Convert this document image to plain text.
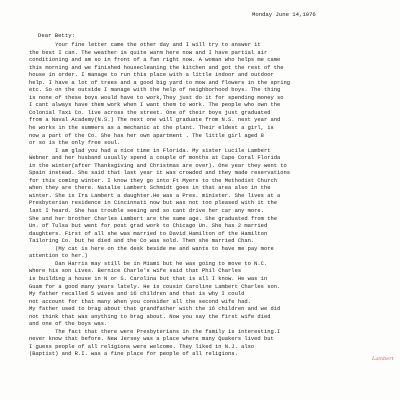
Monday June 14,1976
Dear Betty:
Your fine letter came the other day and I will try to answer it
the best I can. The weather is quite warm here now and I have partial air
conditioning and am so in front of a fan right now. A woman who helps me came
this morning and we finished housecleaning the kitchen and got the rest of the
house in order. I manage to run this place with a little indoor and outdoor
help. I have a lot of trees and a good big yard to mow and flowers in the spring
etc. So on the outside I manage with the help of neighborhood boys. The thing
is none of these boys would have to work,They just do it for spending money so
I cant always have them work when I want them to work. The people who own the
Colonial Taxi Co. live across the street. One of their boys just graduated
from a Naval Academy(N.S.) The next one will graduate from N.S. next year and
he works in the summers as a mechanic at the plant. Their eldest a girl, is
now a part of the Co. She has her own apartment . The little girl aged 8
or so is the only free soul.
I am glad you had a nice time in Florida. My sister Lucile Lambert
Webner and her husband usually spend a couple of months at Cape Coral Florida
in the winter(after Thanksgiving and Christmas are over). One year they went to
Spain instead. She said that last year it was crowded and they made reservations
for this coming winter. I know they go into Ft Myers to the Methodist Church
when they are there. Natalie Lambert Schmidt goes in that area also in the
winter. She is Ira Lambert a daughter.He was a Pres. minister. She lives at a
Presbyterian residence in Cincinnati now but was not too pleased with it the
last I heard. She has trouble seeing and so cant drive her car any more.
She and her brother Charles Lambert are the same age. She graduated from the
Un. of Tulsa but went for post grad work to Chicago Un. She has 2 married
daughters. First of all she was married to David Hamilton of the Hamilton
Tailoring Co. but he died and the Co was sold. Then she married Chan.
(My cat is here on the desk beside me and wants to have me pay more
attention to her.)
Dan Harris may still be in Miami but he was going to move to N.C.
where his son Lives. Bernice Charle's wife said that Phil Charles
is building a house in N or S. Carolina but that is all I know. He was in
Guam for a good many years lately. He is cousin Caroline Lambert Charles son.
My father recalled 5 wives and 16 children and that is why I could
not account for that many when you consider all the second wife had.
My father used to brag about that grandfather with the 16 children and we did
not think that was anything to brag about. Now you say the first wife died
and one of the boys was.
The fact that there were Presbyterians in the family is interesting.I
never know that before. New Jersey was a place where many Quakers lived but
I guess people of all religions were welcome. They liked in N.J. also
(Baptist) and R.I. was a fine place for people of all religions.
Lambert
